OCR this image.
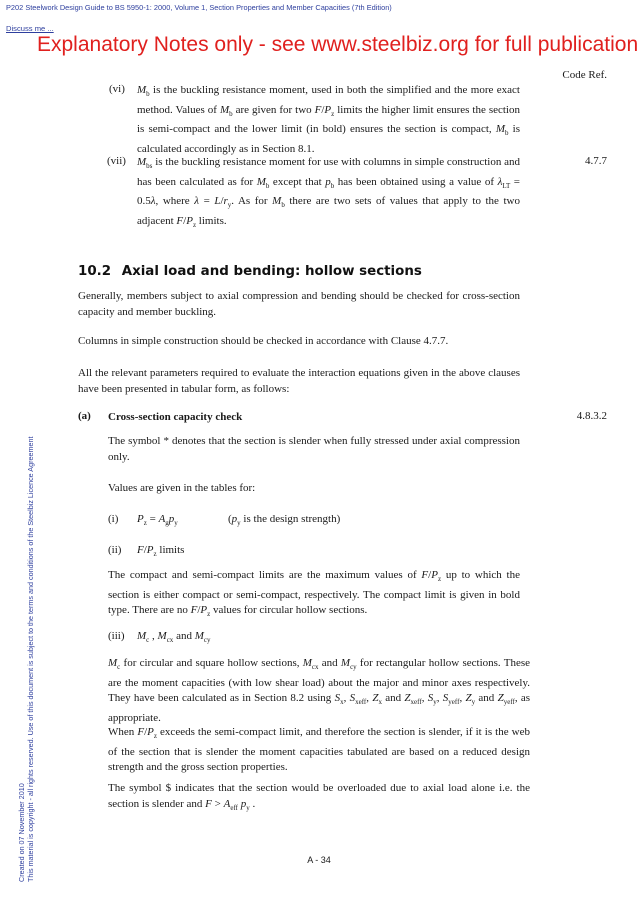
P202 Steelwork Design Guide to BS 5950-1: 2000, Volume 1, Section Properties and Member Capacities (7th Edition)
Discuss me ...
Explanatory Notes only - see www.steelbiz.org for full publication
Code Ref.
Created on 07 November 2010 This material is copyright - all rights reserved. Use of this document is subject to the terms and conditions of the Steelbiz Licence Agreement
(vi) $M_b$ is the buckling resistance moment, used in both the simplified and the more exact method. Values of $M_b$ are given for two $F/P_z$ limits the higher limit ensures the section is semi-compact and the lower limit (in bold) ensures the section is compact, $M_b$ is calculated accordingly as in Section 8.1.
(vii) $M_{bs}$ is the buckling resistance moment for use with columns in simple construction and has been calculated as for $M_b$ except that $p_b$ has been obtained using a value of $\lambda_{LT} = 0.5\lambda$, where $\lambda = L/r_y$. As for $M_b$ there are two sets of values that apply to the two adjacent $F/P_z$ limits.
4.7.7
10.2 Axial load and bending: hollow sections
Generally, members subject to axial compression and bending should be checked for cross-section capacity and member buckling.
Columns in simple construction should be checked in accordance with Clause 4.7.7.
All the relevant parameters required to evaluate the interaction equations given in the above clauses have been presented in tabular form, as follows:
(a) Cross-section capacity check	4.8.3.2
The symbol * denotes that the section is slender when fully stressed under axial compression only.
Values are given in the tables for:
(i) $P_z = A_gp_y$	($p_y$ is the design strength)
(ii) $F/P_z$ limits
The compact and semi-compact limits are the maximum values of $F/P_z$ up to which the section is either compact or semi-compact, respectively. The compact limit is given in bold type. There are no $F/P_z$ values for circular hollow sections.
(iii) $M_c$ , $M_{cx}$ and $M_{cy}$
$M_c$ for circular and square hollow sections, $M_{cx}$ and $M_{cy}$ for rectangular hollow sections. These are the moment capacities (with low shear load) about the major and minor axes respectively. They have been calculated as in Section 8.2 using $S_x$, $S_{xeff}$, $Z_x$ and $Z_{xeff}$, $S_y$, $S_{yeff}$, $Z_y$ and $Z_{yeff}$, as appropriate.
When $F/P_z$ exceeds the semi-compact limit, and therefore the section is slender, if it is the web of the section that is slender the moment capacities tabulated are based on a reduced design strength and the gross section properties.
The symbol $ indicates that the section would be overloaded due to axial load alone i.e. the section is slender and $F > A_{eff}$ $p_y$ .
A - 34
